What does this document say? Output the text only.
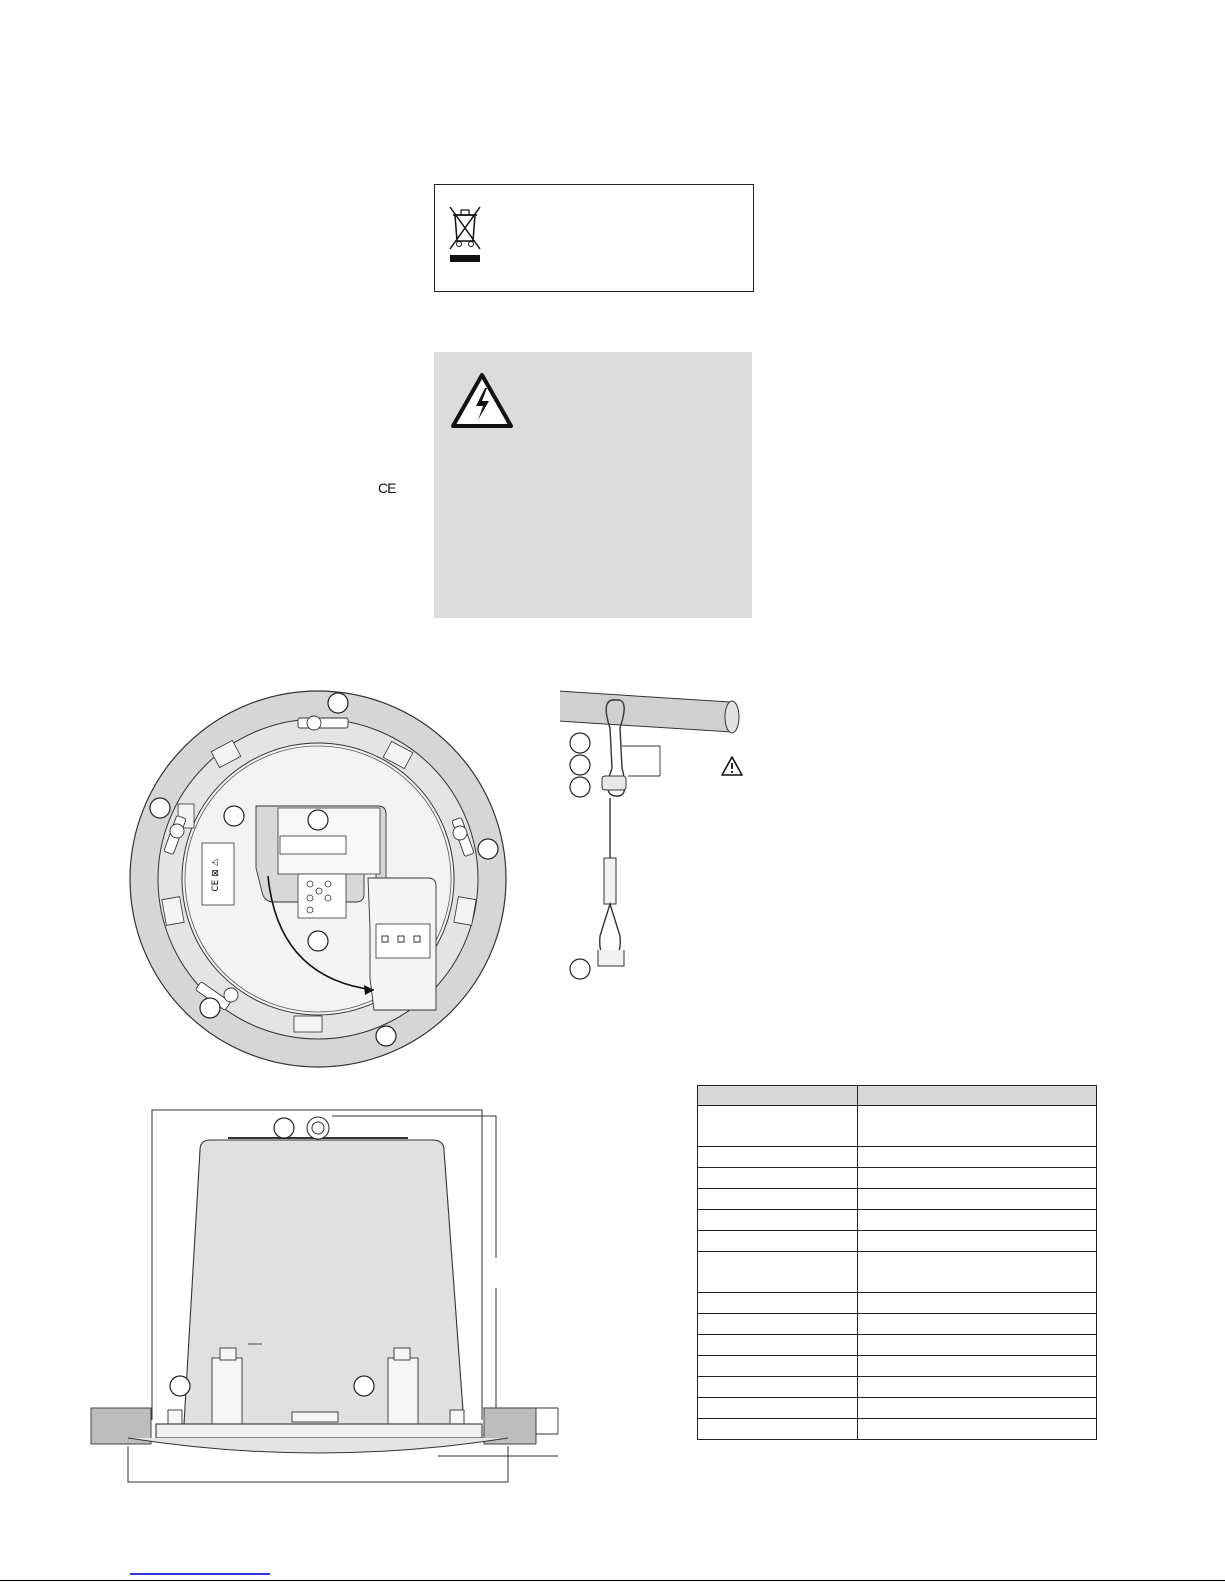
CE
CE ⊠ ⚠
